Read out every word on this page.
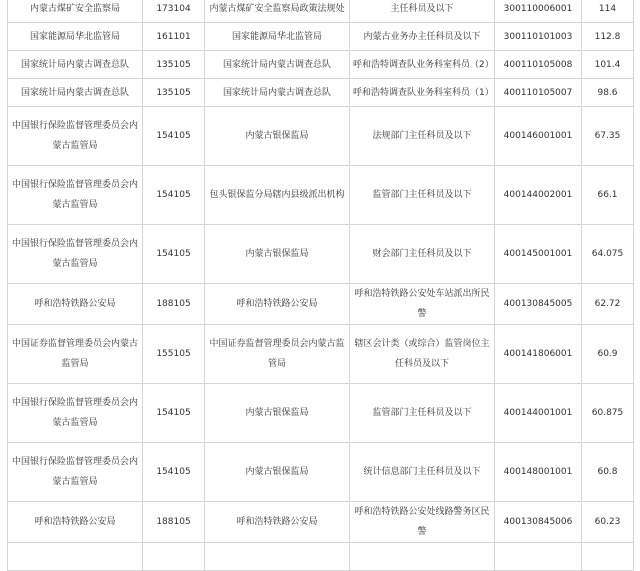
内蒙古煤矿安全监察局	173104	内蒙古煤矿安全监察局政策法规处	主任科员及以下	300110006001	114

国家能源局华北监管局	161101	国家能源局华北监管局	内蒙古业务办主任科员及以下	300110101003	112.8

国家统计局内蒙古调查总队	135105	国家统计局内蒙古调查总队	呼和浩特调查队业务科室科员（2）	400110105008	101.4

国家统计局内蒙古调查总队	135105	国家统计局内蒙古调查总队	呼和浩特调查队业务科室科员（1）	400110105007	98.6

中国银行保险监督管理委员会内蒙古监管局	154105	内蒙古银保监局	法规部门主任科员及以下	400146001001	67.35

中国银行保险监督管理委员会内蒙古监管局	154105	包头银保监分局辖内县级派出机构	监管部门主任科员及以下	400144002001	66.1

中国银行保险监督管理委员会内蒙古监管局	154105	内蒙古银保监局	财会部门主任科员及以下	400145001001	64.075

呼和浩特铁路公安局	188105	呼和浩特铁路公安局	呼和浩特铁路公安处车站派出所民警	400130845005	62.72

中国证券监督管理委员会内蒙古监管局	155105	中国证券监督管理委员会内蒙古监管局	辖区会计类（或综合）监管岗位主任科员及以下	400141806001	60.9

中国银行保险监督管理委员会内蒙古监管局	154105	内蒙古银保监局	监管部门主任科员及以下	400144001001	60.875

中国银行保险监督管理委员会内蒙古监管局	154105	内蒙古银保监局	统计信息部门主任科员及以下	400148001001	60.8

呼和浩特铁路公安局	188105	呼和浩特铁路公安局	呼和浩特铁路公安处线路警务区民警	400130845006	60.23
